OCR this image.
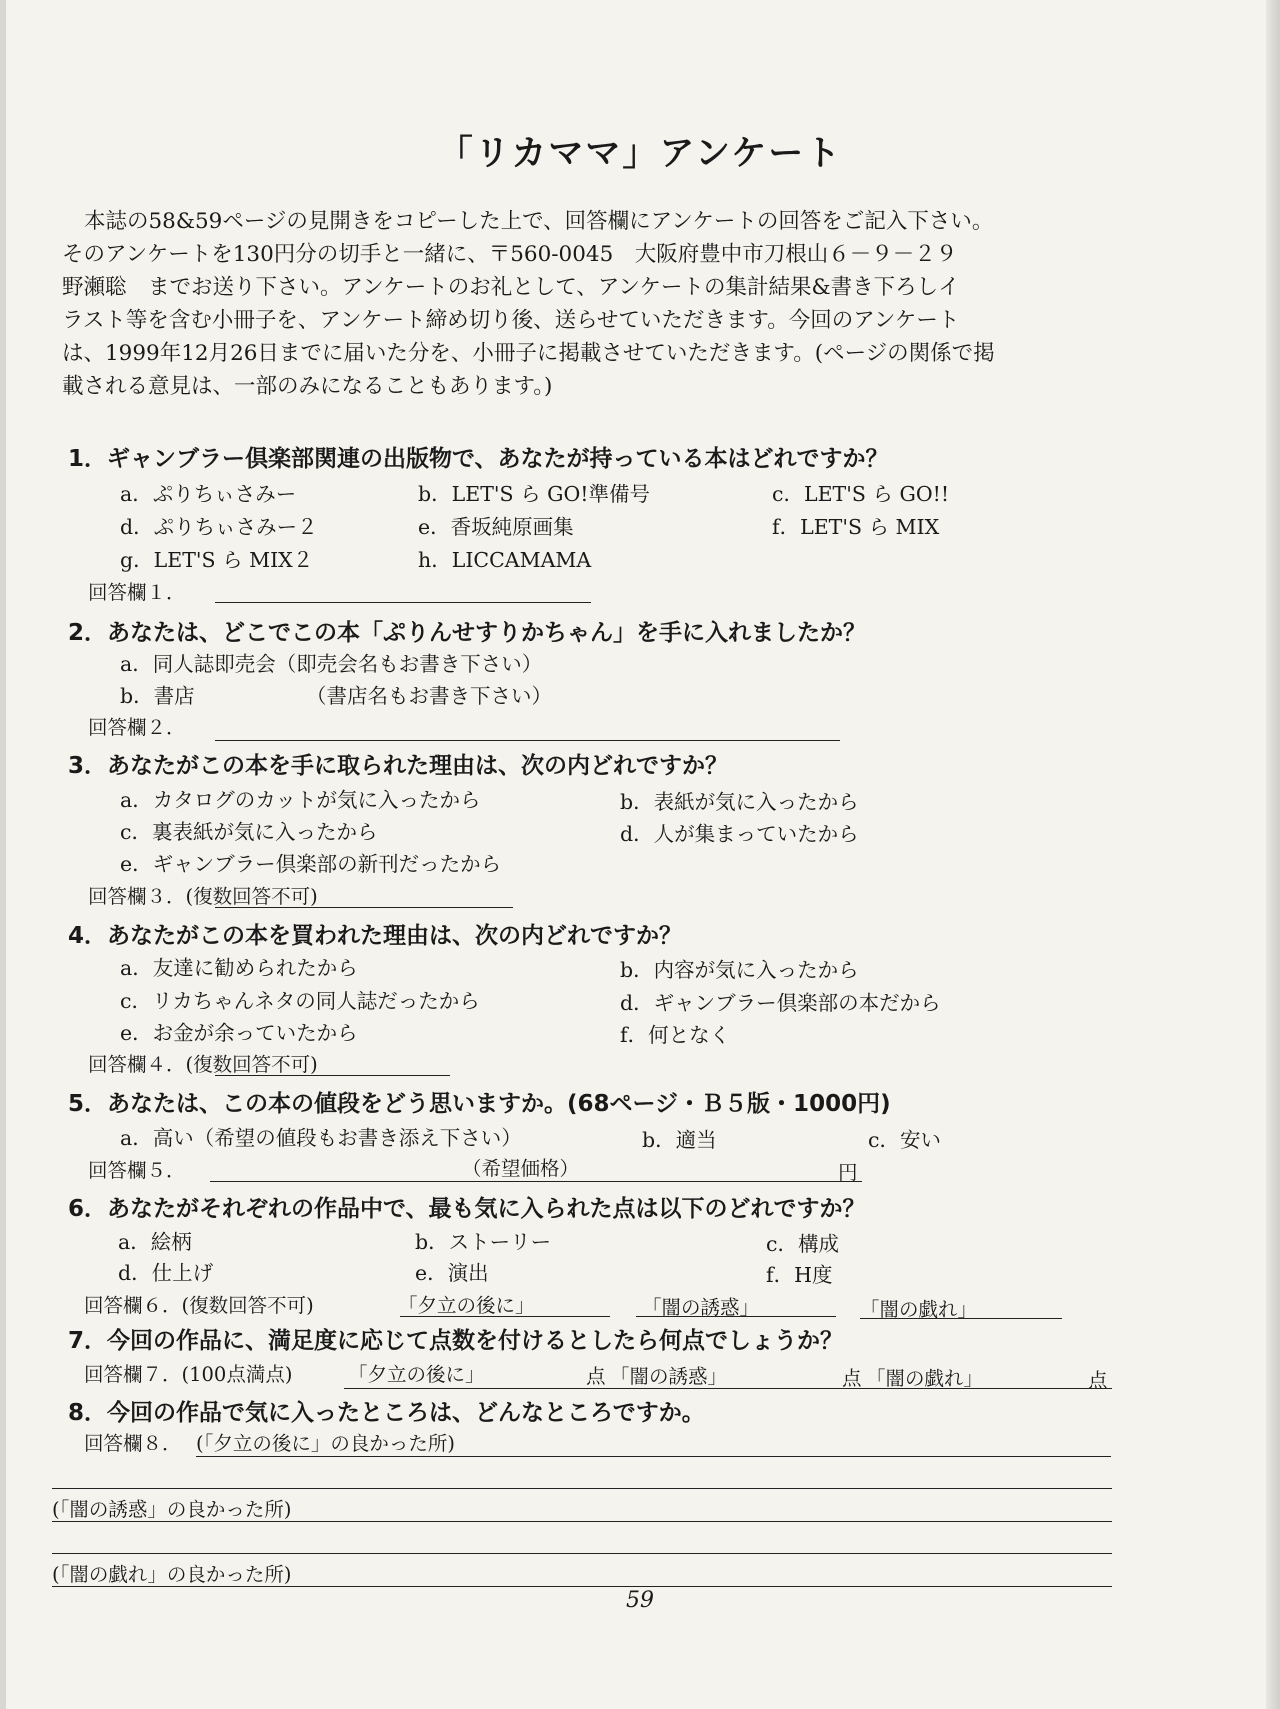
「リカママ」アンケート
本誌の58&59ページの見開きをコピーした上で、回答欄にアンケートの回答をご記入下さい。
そのアンケートを130円分の切手と一緒に、〒560-0045　大阪府豊中市刀根山６－９－２９
野瀬聡　までお送り下さい。アンケートのお礼として、アンケートの集計結果&書き下ろしイ
ラスト等を含む小冊子を、アンケート締め切り後、送らせていただきます。今回のアンケート
は、1999年12月26日までに届いた分を、小冊子に掲載させていただきます。(ページの関係で掲
載される意見は、一部のみになることもあります。)
1．ギャンブラー倶楽部関連の出版物で、あなたが持っている本はどれですか？
a．ぷりちぃさみー	b．LET'S ら GO!準備号	c．LET'S ら GO!!
d．ぷりちぃさみー２	e．香坂純原画集	f．LET'S ら MIX
g．LET'S ら MIX２	h．LICCAMAMA
回答欄１．
2．あなたは、どこでこの本「ぷりんせすりかちゃん」を手に入れましたか？
a．同人誌即売会（即売会名もお書き下さい）
b．書店	（書店名もお書き下さい）
回答欄２．
3．あなたがこの本を手に取られた理由は、次の内どれですか？
a．カタログのカットが気に入ったから	b．表紙が気に入ったから
c．裏表紙が気に入ったから	d．人が集まっていたから
e．ギャンブラー倶楽部の新刊だったから
回答欄３．(復数回答不可)
4．あなたがこの本を買われた理由は、次の内どれですか？
a．友達に勧められたから	b．内容が気に入ったから
c．リカちゃんネタの同人誌だったから	d．ギャンブラー倶楽部の本だから
e．お金が余っていたから	f．何となく
回答欄４．(復数回答不可)
5．あなたは、この本の値段をどう思いますか。(68ページ・Ｂ５版・1000円)
a．高い（希望の値段もお書き添え下さい）	b．適当	c．安い
回答欄５．	（希望価格）	円
6．あなたがそれぞれの作品中で、最も気に入られた点は以下のどれですか？
a．絵柄	b．ストーリー	c．構成
d．仕上げ	e．演出	f．H度
回答欄６．(復数回答不可)	「夕立の後に」	「闇の誘惑」	「闇の戯れ」
7．今回の作品に、満足度に応じて点数を付けるとしたら何点でしょうか？
回答欄７．(100点満点)	「夕立の後に」	点 「闇の誘惑」	点 「闇の戯れ」	点
8．今回の作品で気に入ったところは、どんなところですか。
回答欄８． (「夕立の後に」の良かった所)
(「闇の誘惑」の良かった所)
(「闇の戯れ」の良かった所)
59
